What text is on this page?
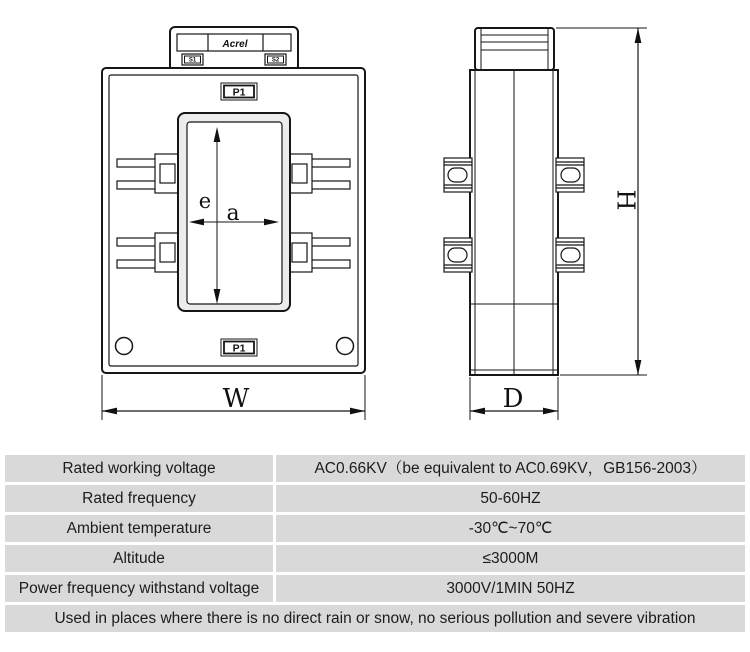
Acrel
S1	S2
P1
e a
P1
W
H
D
Rated working voltage	AC0.66KV（be equivalent to AC0.69KV，GB156-2003）
Rated frequency	50-60HZ
Ambient temperature	-30℃~70℃
Altitude	≤3000M
Power frequency withstand voltage	3000V/1MIN 50HZ
Used in places where there is no direct rain or snow, no serious pollution and severe vibration
